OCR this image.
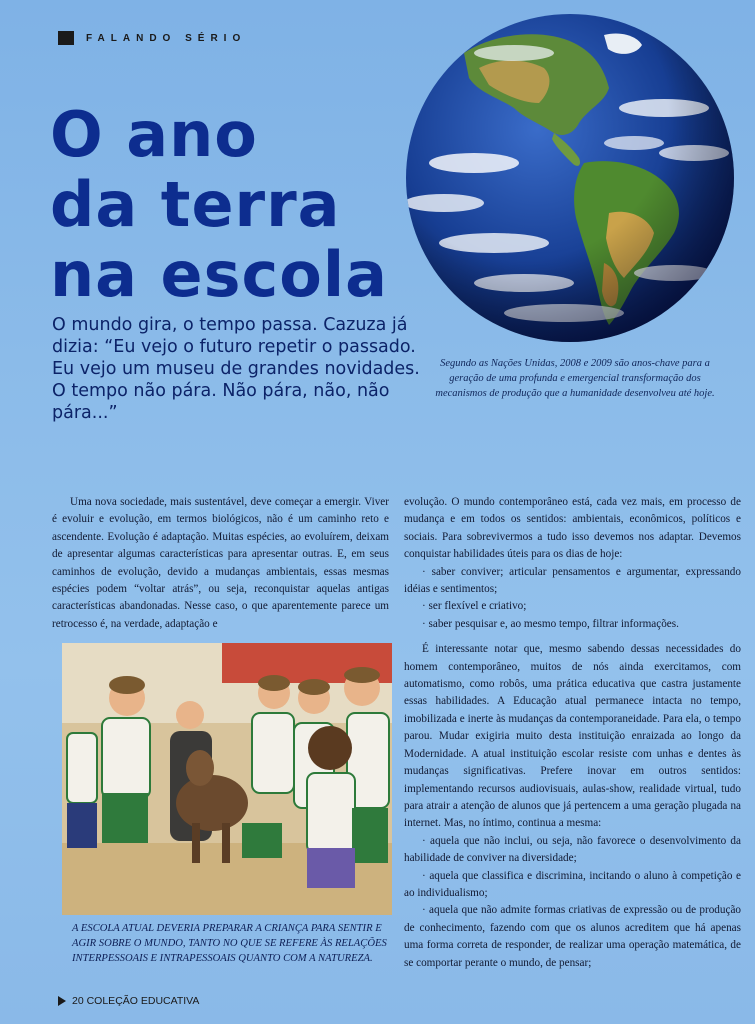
FALANDO SÉRIO
O ano
da terra
na escola

O mundo gira, o tempo passa. Cazuza já dizia: “Eu vejo o futuro repetir o passado. Eu vejo um museu de grandes novidades. O tempo não pára. Não pára, não, não pára...”

Segundo as Nações Unidas, 2008 e 2009 são anos-chave para a geração de uma profunda e emergencial transformação dos mecanismos de produção que a humanidade desenvolveu até hoje.

Uma nova sociedade, mais sustentável, deve começar a emergir. Viver é evoluir e evolução, em termos biológicos, não é um caminho reto e ascendente. Evolução é adaptação. Muitas espécies, ao evoluírem, deixam de apresentar algumas características para apresentar outras. E, em seus caminhos de evolução, devido a mudanças ambientais, essas mesmas espécies podem “voltar atrás”, ou seja, reconquistar aquelas antigas características abandonadas. Nesse caso, o que aparentemente parece um retrocesso é, na verdade, adaptação e

A ESCOLA ATUAL DEVERIA PREPARAR A CRIANÇA PARA SENTIR E AGIR SOBRE O MUNDO, TANTO NO QUE SE REFERE ÀS RELAÇÕES INTERPESSOAIS E INTRAPESSOAIS QUANTO COM A NATUREZA.

evolução. O mundo contemporâneo está, cada vez mais, em processo de mudança e em todos os sentidos: ambientais, econômicos, políticos e sociais. Para sobrevivermos a tudo isso devemos nos adaptar. Devemos conquistar habilidades úteis para os dias de hoje:

· saber conviver; articular pensamentos e argumentar, expressando idéias e sentimentos;

· ser flexível e criativo;

· saber pesquisar e, ao mesmo tempo, filtrar informações.

É interessante notar que, mesmo sabendo dessas necessidades do homem contemporâneo, muitos de nós ainda exercitamos, com automatismo, como robôs, uma prática educativa que castra justamente essas habilidades. A Educação atual permanece intacta no tempo, imobilizada e inerte às mudanças da contemporaneidade. Para ela, o tempo parou. Mudar exigiria muito desta instituição enraizada ao longo da Modernidade. A atual instituição escolar resiste com unhas e dentes às mudanças significativas. Prefere inovar em outros sentidos: implementando recursos audiovisuais, aulas-show, realidade virtual, tudo para atrair a atenção de alunos que já pertencem a uma geração plugada na internet. Mas, no íntimo, continua a mesma:

· aquela que não inclui, ou seja, não favorece o desenvolvimento da habilidade de conviver na diversidade;

· aquela que classifica e discrimina, incitando o aluno à competição e ao individualismo;

· aquela que não admite formas criativas de expressão ou de produção de conhecimento, fazendo com que os alunos acreditem que há apenas uma forma correta de responder, de realizar uma operação matemática, de se comportar perante o mundo, de pensar;

20 COLEÇÃO EDUCATIVA
